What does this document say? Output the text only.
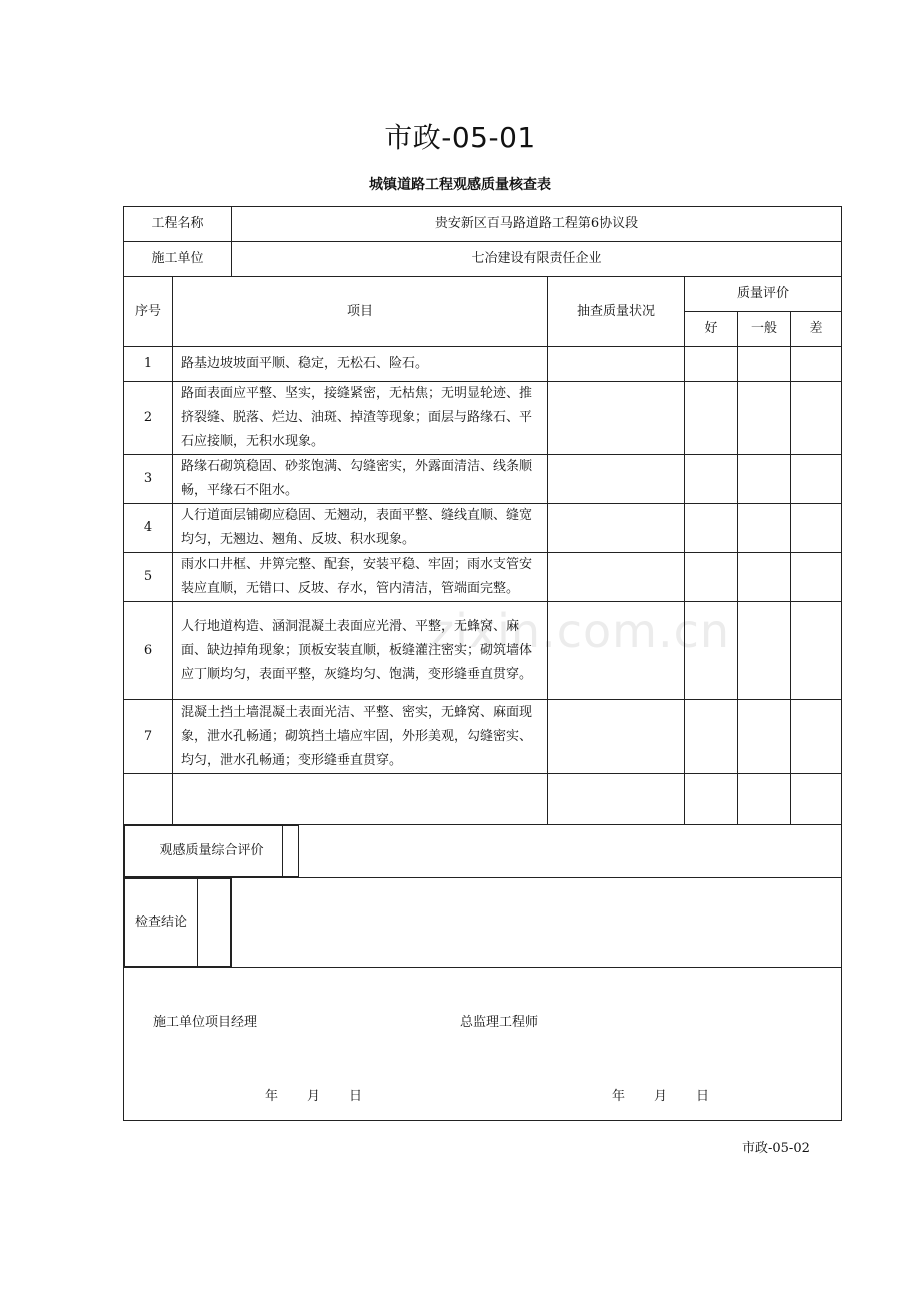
市政-05-01
城镇道路工程观感质量核查表
zixin.com.cn
工程名称	贵安新区百马路道路工程第6协议段
施工单位	七冶建设有限责任企业
序号	项目	抽查质量状况	质量评价
好	一般	差
1	路基边坡坡面平顺、稳定，无松石、险石。				
2	路面表面应平整、坚实，接缝紧密，无枯焦；无明显轮迹、推挤裂缝、脱落、烂边、油斑、掉渣等现象；面层与路缘石、平石应接顺，无积水现象。				
3	路缘石砌筑稳固、砂浆饱满、勾缝密实，外露面清洁、线条顺畅，平缘石不阻水。				
4	人行道面层铺砌应稳固、无翘动，表面平整、缝线直顺、缝宽均匀，无翘边、翘角、反坡、积水现象。				
5	雨水口井框、井箅完整、配套，安装平稳、牢固；雨水支管安装应直顺，无错口、反坡、存水，管内清洁，管端面完整。				
6	人行地道构造、涵洞混凝土表面应光滑、平整，无蜂窝、麻面、缺边掉角现象；顶板安装直顺，板缝灌注密实；砌筑墙体应丁顺均匀，表面平整，灰缝均匀、饱满，变形缝垂直贯穿。				
7	混凝土挡土墙混凝土表面光洁、平整、密实，无蜂窝、麻面现象，泄水孔畅通；砌筑挡土墙应牢固，外形美观，勾缝密实、均匀，泄水孔畅通；变形缝垂直贯穿。				

观感质量综合评价	

检查结论	

施工单位项目经理	总监理工程师
年 月 日	年 月 日
市政-05-02
